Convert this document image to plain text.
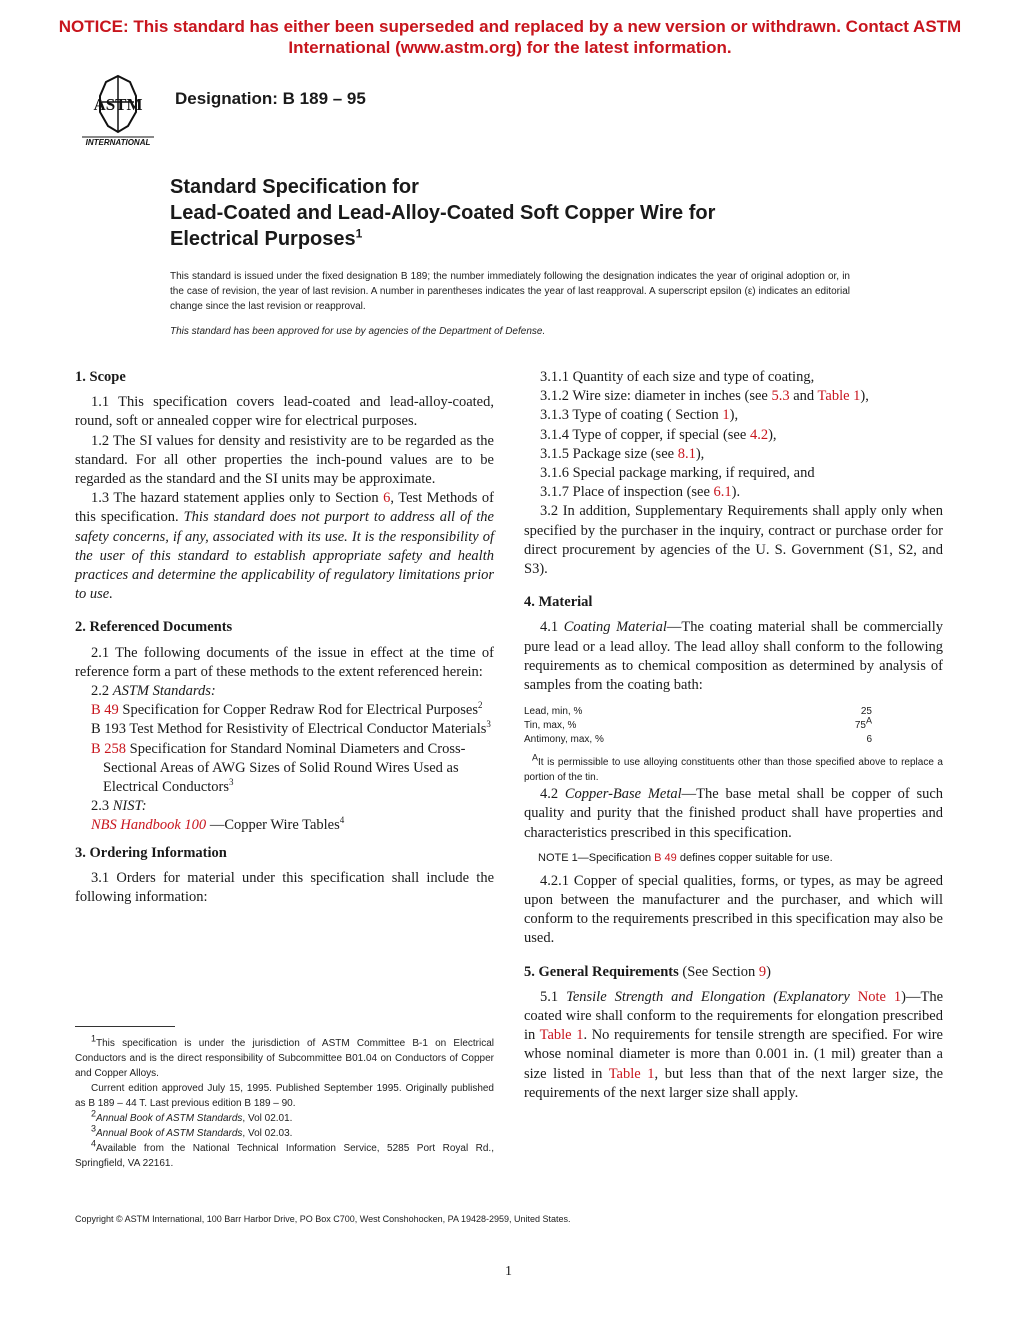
NOTICE: This standard has either been superseded and replaced by a new version or withdrawn. Contact ASTM International (www.astm.org) for the latest information.
ASTM
INTERNATIONAL
Designation: B 189 – 95
Standard Specification for
Lead-Coated and Lead-Alloy-Coated Soft Copper Wire for
Electrical Purposes$^1$
This standard is issued under the fixed designation B 189; the number immediately following the designation indicates the year of original adoption or, in the case of revision, the year of last revision. A number in parentheses indicates the year of last reapproval. A superscript epsilon (ε) indicates an editorial change since the last revision or reapproval.
This standard has been approved for use by agencies of the Department of Defense.
1. Scope

1.1 This specification covers lead-coated and lead-alloy-coated, round, soft or annealed copper wire for electrical purposes.

1.2 The SI values for density and resistivity are to be regarded as the standard. For all other properties the inch-pound values are to be regarded as the standard and the SI units may be approximate.

1.3 The hazard statement applies only to Section 6, Test Methods of this specification. This standard does not purport to address all of the safety concerns, if any, associated with its use. It is the responsibility of the user of this standard to establish appropriate safety and health practices and determine the applicability of regulatory limitations prior to use.

2. Referenced Documents

2.1 The following documents of the issue in effect at the time of reference form a part of these methods to the extent referenced herein:

2.2 ASTM Standards:

B 49 Specification for Copper Redraw Rod for Electrical Purposes$^2$

B 193 Test Method for Resistivity of Electrical Conductor Materials$^3$

B 258 Specification for Standard Nominal Diameters and Cross-Sectional Areas of AWG Sizes of Solid Round Wires Used as Electrical Conductors$^3$

2.3 NIST:

NBS Handbook 100 —Copper Wire Tables$^4$

3. Ordering Information

3.1 Orders for material under this specification shall include the following information:

$^1$This specification is under the jurisdiction of ASTM Committee B-1 on Electrical Conductors and is the direct responsibility of Subcommittee B01.04 on Conductors of Copper and Copper Alloys.

Current edition approved July 15, 1995. Published September 1995. Originally published as B 189 – 44 T. Last previous edition B 189 – 90.

$^2$Annual Book of ASTM Standards, Vol 02.01.

$^3$Annual Book of ASTM Standards, Vol 02.03.

$^4$Available from the National Technical Information Service, 5285 Port Royal Rd., Springfield, VA 22161.

3.1.1 Quantity of each size and type of coating,

3.1.2 Wire size: diameter in inches (see 5.3 and Table 1),

3.1.3 Type of coating ( Section 1),

3.1.4 Type of copper, if special (see 4.2),

3.1.5 Package size (see 8.1),

3.1.6 Special package marking, if required, and

3.1.7 Place of inspection (see 6.1).

3.2 In addition, Supplementary Requirements shall apply only when specified by the purchaser in the inquiry, contract or purchase order for direct procurement by agencies of the U. S. Government (S1, S2, and S3).

4. Material

4.1 Coating Material—The coating material shall be commercially pure lead or a lead alloy. The lead alloy shall conform to the following requirements as to chemical composition as determined by analysis of samples from the coating bath:

Lead, min, %	25
Tin, max, %	$75^A$
Antimony, max, %	6

$^A$It is permissible to use alloying constituents other than those specified above to replace a portion of the tin.

4.2 Copper-Base Metal—The base metal shall be copper of such quality and purity that the finished product shall have properties and characteristics prescribed in this specification.

NOTE 1—Specification B 49 defines copper suitable for use.

4.2.1 Copper of special qualities, forms, or types, as may be agreed upon between the manufacturer and the purchaser, and which will conform to the requirements prescribed in this specification may also be used.

5. General Requirements (See Section 9)

5.1 Tensile Strength and Elongation (Explanatory Note 1)—The coated wire shall conform to the requirements for elongation prescribed in Table 1. No requirements for tensile strength are specified. For wire whose nominal diameter is more than 0.001 in. (1 mil) greater than a size listed in Table 1, but less than that of the next larger size, the requirements of the next larger size shall apply.

Copyright © ASTM International, 100 Barr Harbor Drive, PO Box C700, West Conshohocken, PA 19428-2959, United States.
1
